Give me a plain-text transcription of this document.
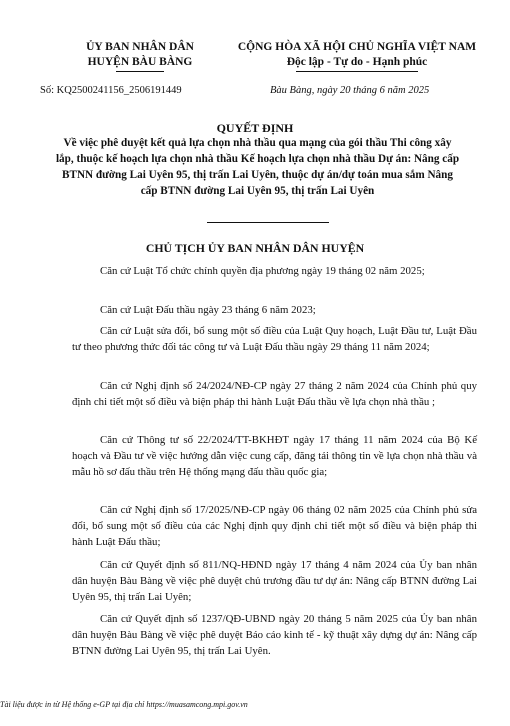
ỦY BAN NHÂN DÂN
HUYỆN BÀU BÀNG
CỘNG HÒA XÃ HỘI CHỦ NGHĨA VIỆT NAM
Độc lập - Tự do - Hạnh phúc
Số: KQ2500241156_2506191449	Bàu Bàng, ngày 20 tháng 6 năm 2025
QUYẾT ĐỊNH
Về việc phê duyệt kết quả lựa chọn nhà thầu qua mạng của gói thầu Thi công xây lắp, thuộc kế hoạch lựa chọn nhà thầu Kế hoạch lựa chọn nhà thầu Dự án: Nâng cấp BTNN đường Lai Uyên 95, thị trấn Lai Uyên, thuộc dự án/dự toán mua sắm Nâng cấp BTNN đường Lai Uyên 95, thị trấn Lai Uyên
CHỦ TỊCH ỦY BAN NHÂN DÂN HUYỆN
Căn cứ Luật Tổ chức chính quyền địa phương ngày 19 tháng 02 năm 2025;
Căn cứ Luật Đấu thầu ngày 23 tháng 6 năm 2023;
Căn cứ Luật sửa đổi, bổ sung một số điều của Luật Quy hoạch, Luật Đầu tư, Luật Đầu tư theo phương thức đối tác công tư và Luật Đấu thầu ngày 29 tháng 11 năm 2024;
Căn cứ Nghị định số 24/2024/NĐ-CP ngày 27 tháng 2 năm 2024 của Chính phủ quy định chi tiết một số điều và biện pháp thi hành Luật Đấu thầu về lựa chọn nhà thầu ;
Căn cứ Thông tư số 22/2024/TT-BKHĐT ngày 17 tháng 11 năm 2024 của Bộ Kế hoạch và Đầu tư về việc hướng dẫn việc cung cấp, đăng tải thông tin về lựa chọn nhà thầu và mẫu hồ sơ đấu thầu trên Hệ thống mạng đấu thầu quốc gia;
Căn cứ Nghị định số 17/2025/NĐ-CP ngày 06 tháng 02 năm 2025 của Chính phủ sửa đổi, bổ sung một số điều của các Nghị định quy định chi tiết một số điều và biện pháp thi hành Luật Đấu thầu;
Căn cứ Quyết định số 811/NQ-HĐND ngày 17 tháng 4 năm 2024 của Ủy ban nhân dân huyện Bàu Bàng về việc phê duyệt chủ trương đầu tư dự án: Nâng cấp BTNN đường Lai Uyên 95, thị trấn Lai Uyên;
Căn cứ Quyết định số 1237/QĐ-UBND ngày 20 tháng 5 năm 2025 của Ủy ban nhân dân huyện Bàu Bàng về việc phê duyệt Báo cáo kinh tế - kỹ thuật xây dựng dự án: Nâng cấp BTNN đường Lai Uyên 95, thị trấn Lai Uyên.
Tài liệu được in từ Hệ thống e-GP tại địa chỉ https://muasamcong.mpi.gov.vn
